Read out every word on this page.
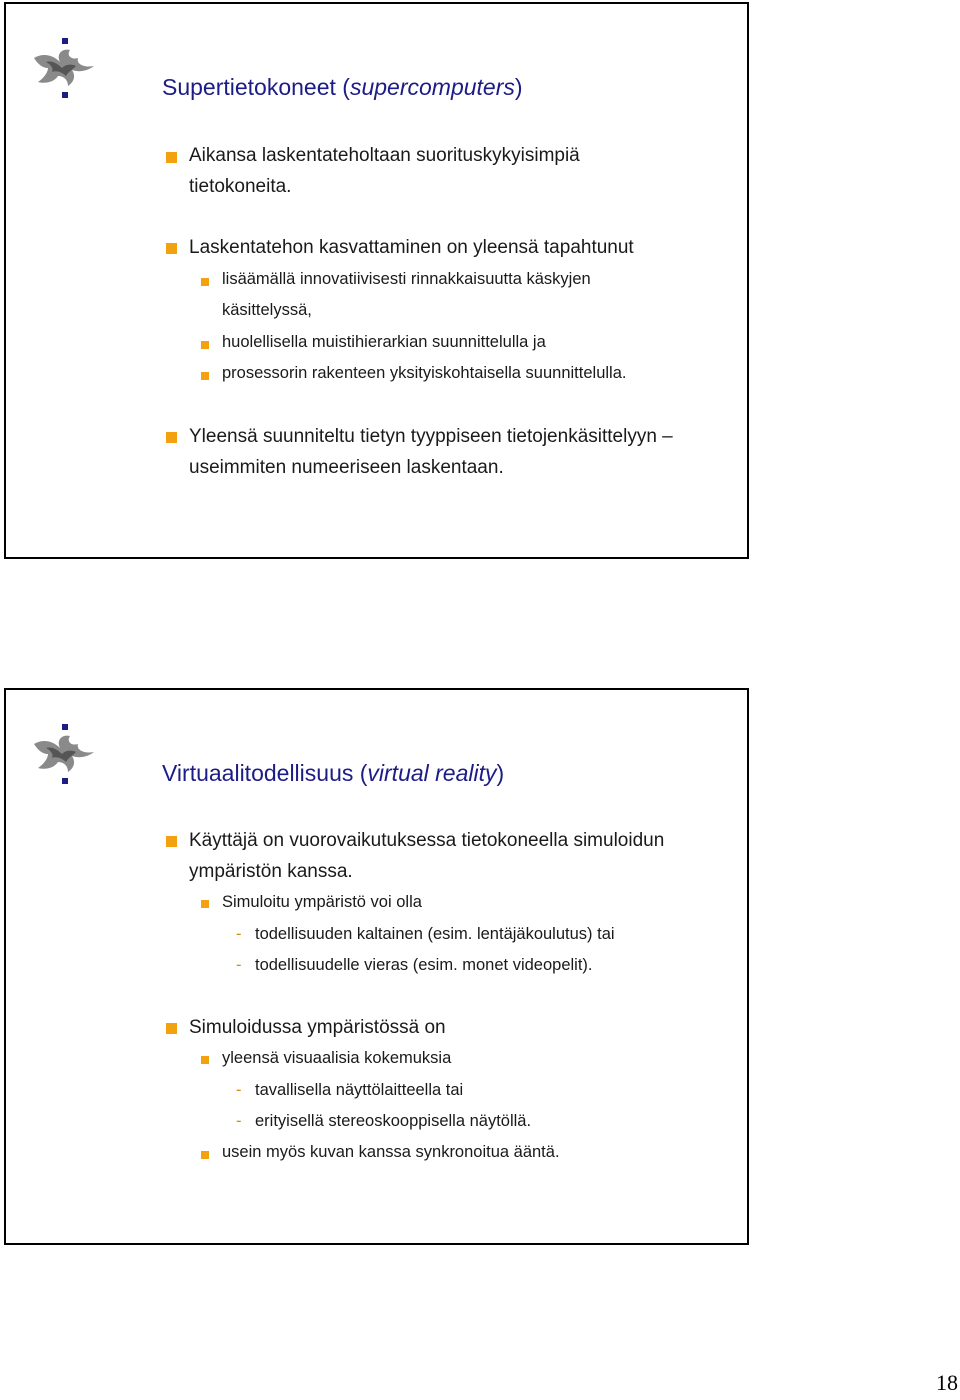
Supertietokoneet (supercomputers)
Aikansa laskentateholtaan suorituskykyisimpiä
tietokoneita.
Laskentatehon kasvattaminen on yleensä tapahtunut
lisäämällä innovatiivisesti rinnakkaisuutta käskyjen
käsittelyssä,
huolellisella muistihierarkian suunnittelulla ja
prosessorin rakenteen yksityiskohtaisella suunnittelulla.
Yleensä suunniteltu tietyn tyyppiseen tietojenkäsittelyyn –
useimmiten numeeriseen laskentaan.
Virtuaalitodellisuus (virtual reality)
Käyttäjä on vuorovaikutuksessa tietokoneella simuloidun
ympäristön kanssa.
Simuloitu ympäristö voi olla
- todellisuuden kaltainen (esim. lentäjäkoulutus) tai
- todellisuudelle vieras (esim. monet videopelit).
Simuloidussa ympäristössä on
yleensä visuaalisia kokemuksia
- tavallisella näyttölaitteella tai
- erityisellä stereoskooppisella näytöllä.
usein myös kuvan kanssa synkronoitua ääntä.
18
